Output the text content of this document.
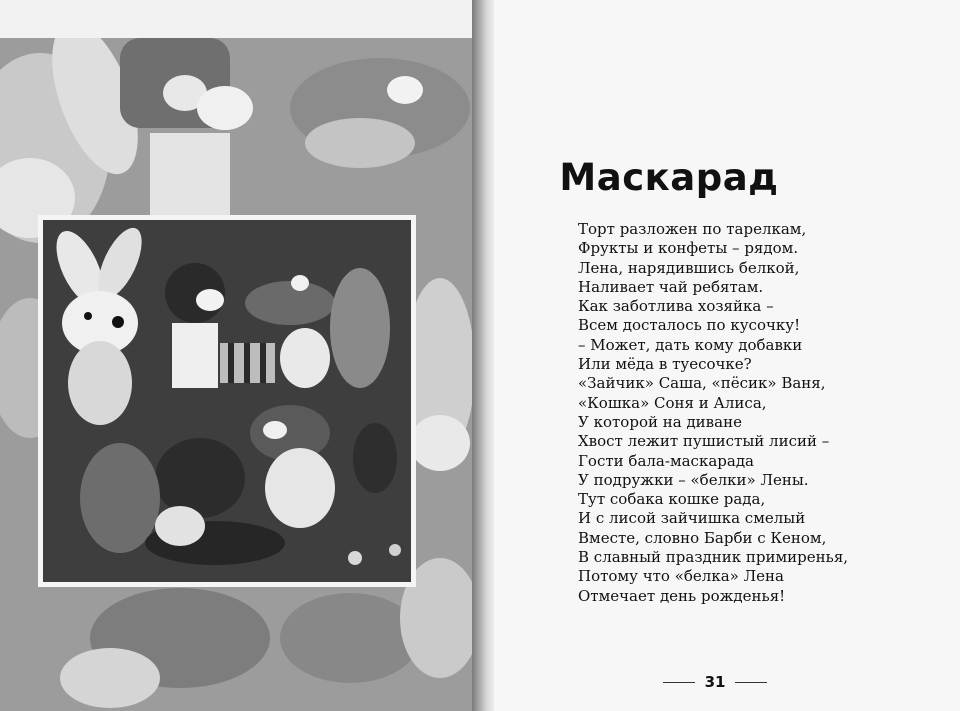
Маскарад
Торт разложен по тарелкам,
Фрукты и конфеты – рядом.
Лена, нарядившись белкой,
Наливает чай ребятам.
Как заботлива хозяйка –
Всем досталось по кусочку!
– Может, дать кому добавки
Или мёда в туесочке?
«Зайчик» Саша, «пёсик» Ваня,
«Кошка» Соня и Алиса,
У которой на диване
Хвост лежит пушистый лисий –
Гости бала-маскарада
У подружки – «белки» Лены.
Тут собака кошке рада,
И с лисой зайчишка смелый
Вместе, словно Барби с Кеном,
В славный праздник примиренья,
Потому что «белка» Лена
Отмечает день рожденья!
31
